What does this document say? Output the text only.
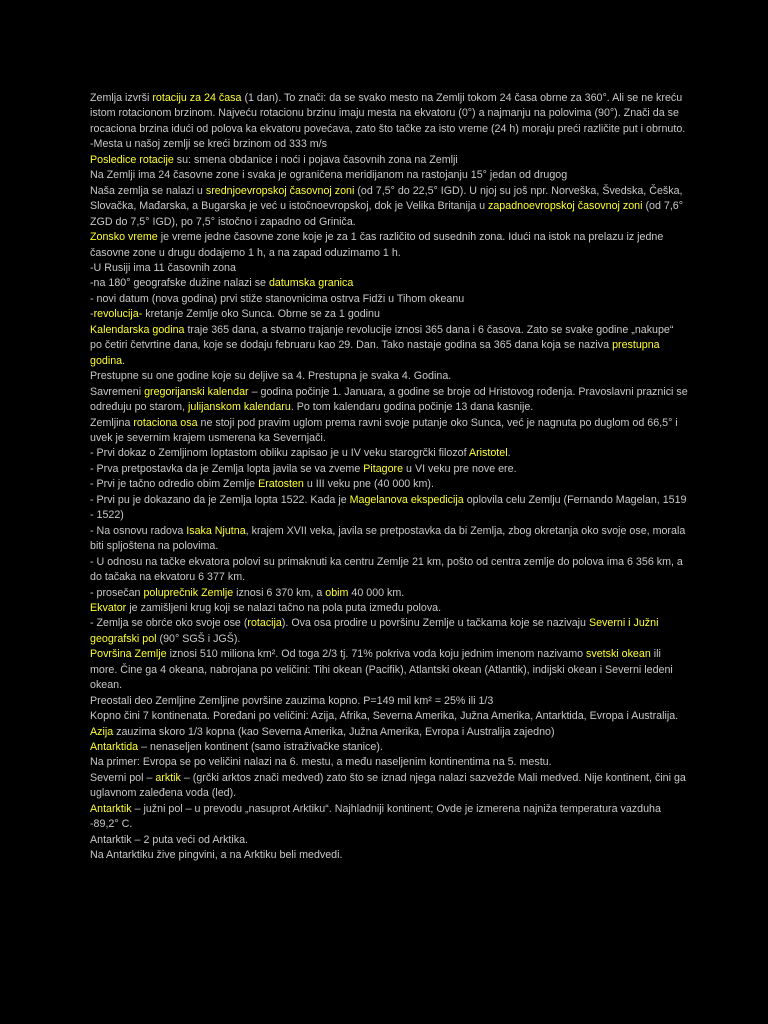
Zemlja izvrši rotaciju za 24 časa (1 dan). To znači: da se svako mesto na Zemlji tokom 24 časa obrne za 360°. Ali se ne kreću istom rotacionom brzinom. Najveću rotacionu brzinu imaju mesta na ekvatoru (0°) a najmanju na polovima (90°). Znači da se rocaciona brzina idući od polova ka ekvatoru povećava, zato što tačke za isto vreme (24 h) moraju preći različite put i obrnuto.
-Mesta u našoj zemlji se kreći brzinom od 333 m/s
Posledice rotacije su: smena obdanice i noći i pojava časovnih zona na Zemlji
Na Zemlji ima 24 časovne zone i svaka je ograničena meridijanom na rastojanju 15° jedan od drugog
Naša zemlja se nalazi u srednjoevropskoj časovnoj zoni (od 7,5° do 22,5° IGD). U njoj su još npr. Norveška, Švedska, Češka, Slovačka, Mađarska, a Bugarska je već u istočnoevropskoj, dok je Velika Britanija u zapadnoevropskoj časovnoj zoni (od 7,6° ZGD do 7,5° IGD), po 7,5° istočno i zapadno od Griniča.
Zonsko vreme je vreme jedne časovne zone koje je za 1 čas različito od susednih zona. Idući na istok na prelazu iz jedne časovne zone u drugu dodajemo 1 h, a na zapad oduzimamo 1 h.
-U Rusiji ima 11 časovnih zona
-na 180° geografske dužine nalazi se datumska granica
- novi datum (nova godina) prvi stiže stanovnicima ostrva Fidži u Tihom okeanu
-revolucija- kretanje Zemlje oko Sunca. Obrne se za 1 godinu
Kalendarska godina traje 365 dana, a stvarno trajanje revolucije iznosi 365 dana i 6 časova. Zato se svake godine „nakupe“ po četiri četvrtine dana, koje se dodaju februaru kao 29. Dan. Tako nastaje godina sa 365 dana koja se naziva prestupna godina.
Prestupne su one godine koje su deljive sa 4. Prestupna je svaka 4. Godina.
Savremeni gregorijanski kalendar – godina počinje 1. Januara, a godine se broje od Hristovog rođenja. Pravoslavni praznici se određuju po starom, julijanskom kalendaru. Po tom kalendaru godina počinje 13 dana kasnije.
Zemljina rotaciona osa ne stoji pod pravim uglom prema ravni svoje putanje oko Sunca, već je nagnuta po duglom od 66,5° i uvek je severnim krajem usmerena ka Severnjači.
- Prvi dokaz o Zemljinom loptastom obliku zapisao je u IV veku starogrčki filozof Aristotel.
- Prva pretpostavka da je Zemlja lopta javila se va zveme Pitagore u VI veku pre nove ere.
- Prvi je tačno odredio obim Zemlje Eratosten u III veku pne (40 000 km).
- Prvi pu je dokazano da je Zemlja lopta 1522. Kada je Magelanova ekspedicija oplovila celu Zemlju (Fernando Magelan, 1519 - 1522)
- Na osnovu radova Isaka Njutna, krajem XVII veka, javila se pretpostavka da bi Zemlja, zbog okretanja oko svoje ose, morala biti spljoštena na polovima.
- U odnosu na tačke ekvatora polovi su primaknuti ka centru Zemlje 21 km, pošto od centra zemlje do polova ima 6 356 km, a do tačaka na ekvatoru 6 377 km.
- prosečan poluprečnik Zemlje iznosi 6 370 km, a obim 40 000 km.
Ekvator je zamišljeni krug koji se nalazi tačno na pola puta između polova.
- Zemlja se obrće oko svoje ose (rotacija). Ova osa prodire u površinu Zemlje u tačkama koje se nazivaju Severni i Južni geografski pol (90° SGŠ i JGŠ).
Površina Zemlje iznosi 510 miliona km². Od toga 2/3 tj. 71% pokriva voda koju jednim imenom nazivamo svetski okean ili more. Čine ga 4 okeana, nabrojana po veličini: Tihi okean (Pacifik), Atlantski okean (Atlantik), indijski okean i Severni ledeni okean.
Preostali deo Zemljine Zemljine površine zauzima kopno. P=149 mil km² = 25% ili 1/3
Kopno čini 7 kontinenata. Poređani po veličini: Azija, Afrika, Severna Amerika, Južna Amerika, Antarktida, Evropa i Australija.
Azija zauzima skoro 1/3 kopna (kao Severna Amerika, Južna Amerika, Evropa i Australija zajedno)
Antarktida – nenaseljen kontinent (samo istraživačke stanice).
Na primer: Evropa se po veličini nalazi na 6. mestu, a među naseljenim kontinentima na 5. mestu.
Severni pol – arktik – (grčki arktos znači medved) zato što se iznad njega nalazi sazvežđe Mali medved. Nije kontinent, čini ga uglavnom zaleđena voda (led).
Antarktik – južni pol – u prevodu „nasuprot Arktiku“. Najhladniji kontinent; Ovde je izmerena najniža temperatura vazduha -89,2° C.
Antarktik – 2 puta veći od Arktika.
Na Antarktiku žive pingvini, a na Arktiku beli medvedi.
